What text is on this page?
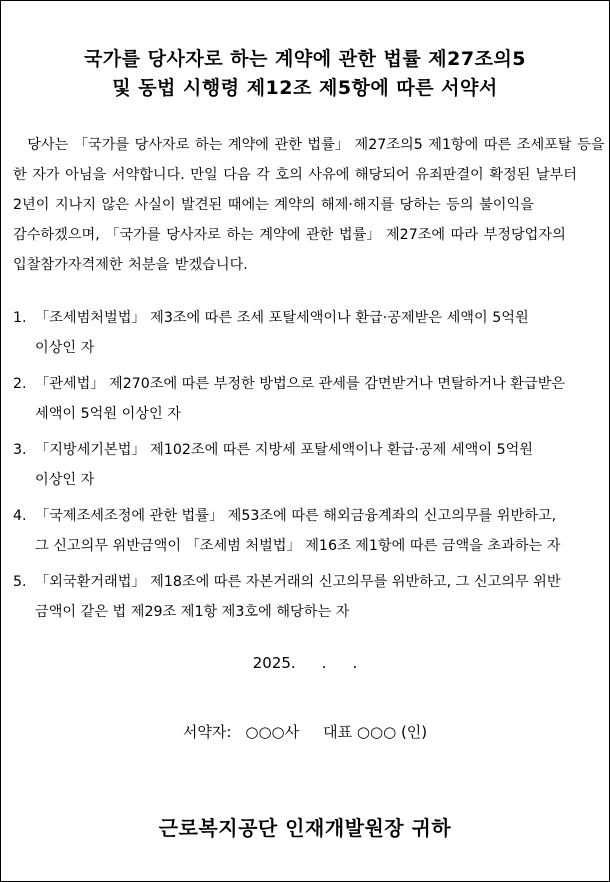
국가를 당사자로 하는 계약에 관한 법률 제27조의5
및 동법 시행령 제12조 제5항에 따른 서약서
  당사는 「국가를 당사자로 하는 계약에 관한 법률」 제27조의5 제1항에 따른 조세포탈 등을
한 자가 아님을 서약합니다. 만일 다음 각 호의 사유에 해당되어 유죄판결이 확정된 날부터
2년이 지나지 않은 사실이 발견된 때에는 계약의 해제·해지를 당하는 등의 불이익을
감수하겠으며, 「국가를 당사자로 하는 계약에 관한 법률」 제27조에 따라 부정당업자의
입찰참가자격제한 처분을 받겠습니다.
1. 「조세범처벌법」 제3조에 따른 조세 포탈세액이나 환급·공제받은 세액이 5억원
이상인 자
2. 「관세법」 제270조에 따른 부정한 방법으로 관세를 감면받거나 면탈하거나 환급받은
세액이 5억원 이상인 자
3. 「지방세기본법」 제102조에 따른 지방세 포탈세액이나 환급·공제 세액이 5억원
이상인 자
4. 「국제조세조정에 관한 법률」 제53조에 따른 해외금융계좌의 신고의무를 위반하고,
그 신고의무 위반금액이 「조세범 처벌법」 제16조 제1항에 따른 금액을 초과하는 자
5. 「외국환거래법」 제18조에 따른 자본거래의 신고의무를 위반하고, 그 신고의무 위반
금액이 같은 법 제29조 제1항 제3호에 해당하는 자
2025. . .
서약자: ○○○사 대표 ○○○ (인)
근로복지공단 인재개발원장 귀하
